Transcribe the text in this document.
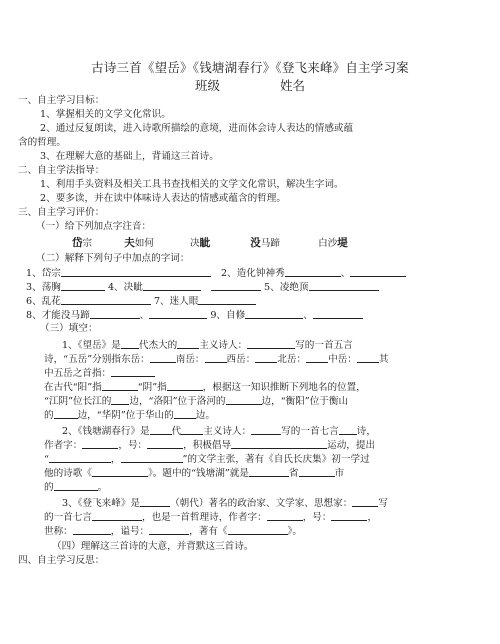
古诗三首《望岳》《钱塘湖春行》《登飞来峰》自主学习案
班级	姓名
一、自主学习目标：
1、掌握相关的文学文化常识。
2、通过反复朗读，进入诗歌所描绘的意境，进而体会诗人表达的情感或蕴
含的哲理。
3、在理解大意的基础上，背诵这三首诗。
二、自主学法指导：
1、利用手头资料及相关工具书查找相关的文学文化常识，解决生字词。
2、要多读，并在读中体味诗人表达的情感或蕴含的哲理。
三、自主学习评价：
（一）给下列加点字注音：
岱宗	夫如何	决眦	没马蹄	白沙堤
（二）解释下列句子中加点的字词：
1、岱宗	2、造化钟神秀	、
3、荡胸	4、决眦	5、凌绝顶
6、乱花	7、迷人眼
8、才能没马蹄	、	9、自修	、
（三）填空：
1、《望岳》是 代杰大的 主义诗人：	写的一首五言
诗，“五岳”分别指东岳：	南岳： 西岳： 北岳： 中岳： 其
中五岳之首指：
在古代“阳”指	“阴”指	，根据这一知识推断下列地名的位置，
“江阴”位长江的 边，“洛阳”位于洛河的	边，“衡阳”位于衡山
的	边，“华阴”位于华山的 边。
2、《钱塘湖春行》是 代 主义诗人：	写的一首七言 诗，
作者字：	，号：	，积极倡导	运动，提出
“	，	”的文学主张，著有《自氏长庆集》初一学过
他的诗歌《	》。题中的“钱塘湖”就是	省	市
的	。
3、《登飞来峰》是	（朝代）著名的政治家、文学家、思想家：	写
的一首七言	，也是一首哲理诗，作者字：	，号：	，
世称：	，谥号：	，著有《	》。
（四）理解这三首诗的大意，并背默这三首诗。
四、自主学习反思：
